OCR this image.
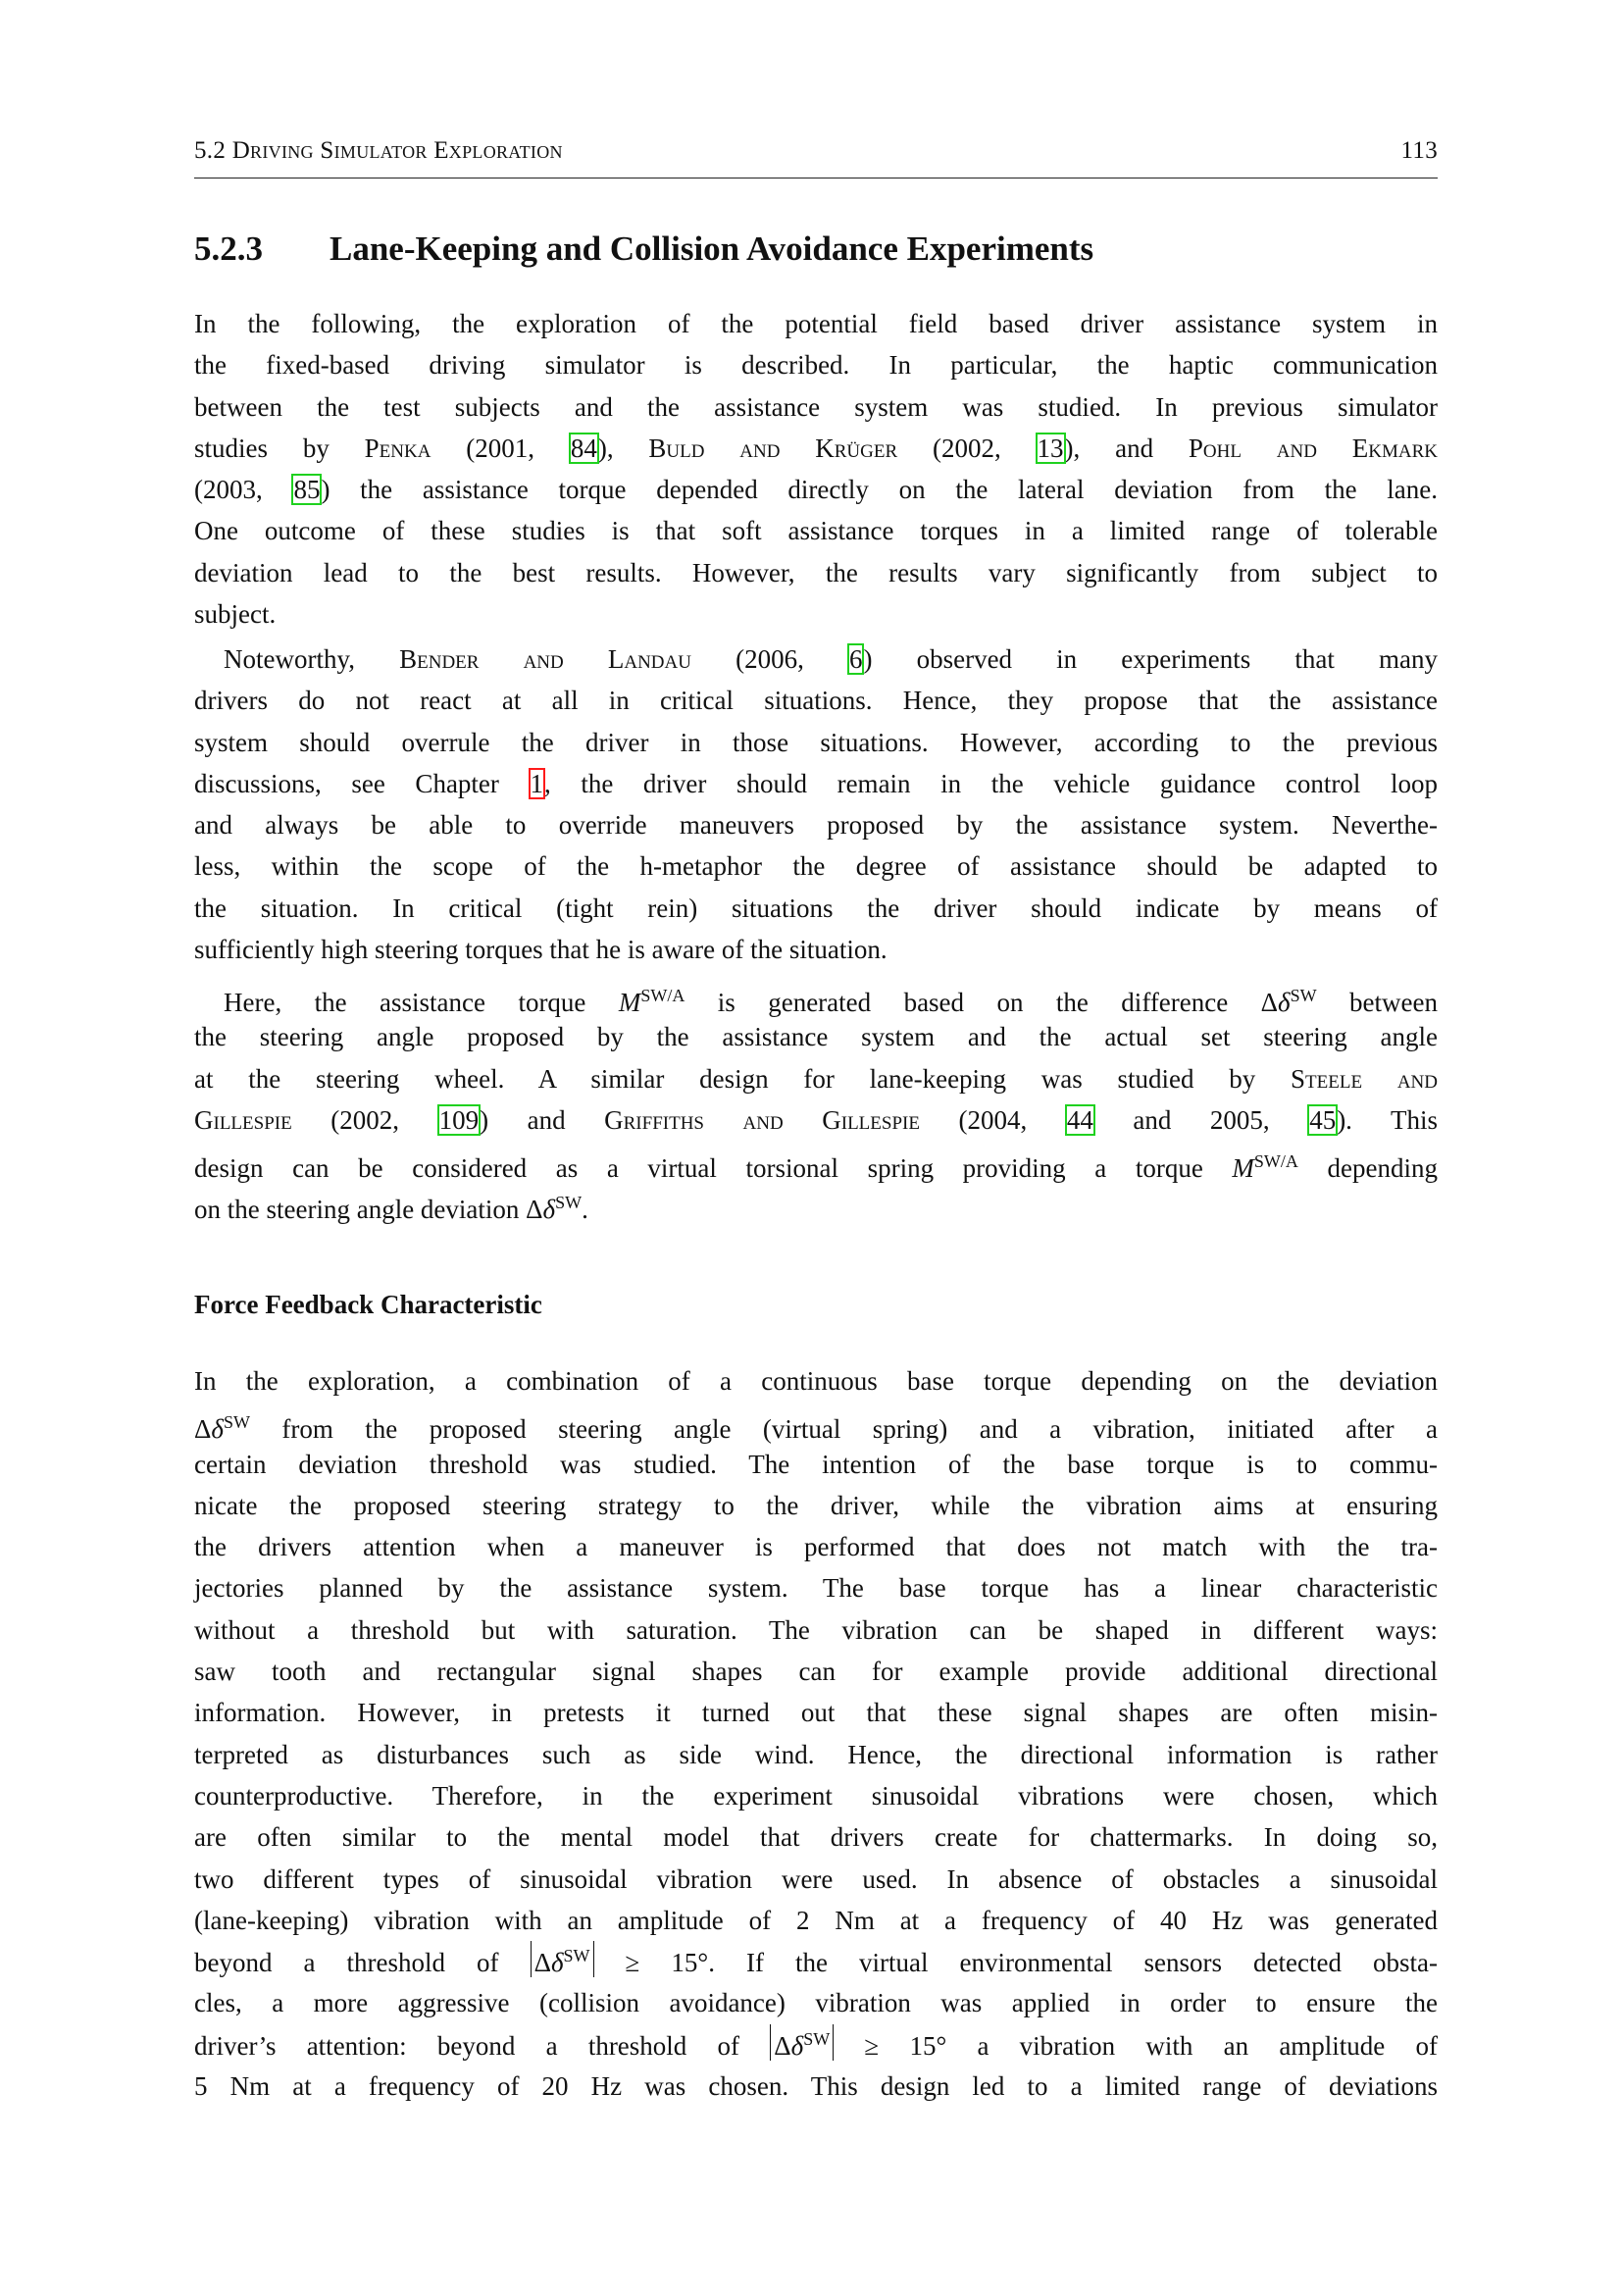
5.2 Driving Simulator Exploration	113
5.2.3 Lane-Keeping and Collision Avoidance Experiments
In the following, the exploration of the potential field based driver assistance system in
the fixed-based driving simulator is described. In particular, the haptic communication
between the test subjects and the assistance system was studied. In previous simulator
studies by Penka (2001, 84), Buld and Krüger (2002, 13), and Pohl and Ekmark
(2003, 85) the assistance torque depended directly on the lateral deviation from the lane.
One outcome of these studies is that soft assistance torques in a limited range of tolerable
deviation lead to the best results. However, the results vary significantly from subject to
subject.
Noteworthy, Bender and Landau (2006, 6) observed in experiments that many
drivers do not react at all in critical situations. Hence, they propose that the assistance
system should overrule the driver in those situations. However, according to the previous
discussions, see Chapter 1, the driver should remain in the vehicle guidance control loop
and always be able to override maneuvers proposed by the assistance system. Neverthe-
less, within the scope of the h-metaphor the degree of assistance should be adapted to
the situation. In critical (tight rein) situations the driver should indicate by means of
sufficiently high steering torques that he is aware of the situation.
Here, the assistance torque $M^{SW/A}$ is generated based on the difference $\Delta\delta^{SW}$ between
the steering angle proposed by the assistance system and the actual set steering angle
at the steering wheel. A similar design for lane-keeping was studied by Steele and
Gillespie (2002, 109) and Griffiths and Gillespie (2004, 44 and 2005, 45). This
design can be considered as a virtual torsional spring providing a torque $M^{SW/A}$ depending
on the steering angle deviation $\Delta\delta^{SW}$.
Force Feedback Characteristic
In the exploration, a combination of a continuous base torque depending on the deviation
$\Delta\delta^{SW}$ from the proposed steering angle (virtual spring) and a vibration, initiated after a
certain deviation threshold was studied. The intention of the base torque is to commu-
nicate the proposed steering strategy to the driver, while the vibration aims at ensuring
the drivers attention when a maneuver is performed that does not match with the tra-
jectories planned by the assistance system. The base torque has a linear characteristic
without a threshold but with saturation. The vibration can be shaped in different ways:
saw tooth and rectangular signal shapes can for example provide additional directional
information. However, in pretests it turned out that these signal shapes are often misin-
terpreted as disturbances such as side wind. Hence, the directional information is rather
counterproductive. Therefore, in the experiment sinusoidal vibrations were chosen, which
are often similar to the mental model that drivers create for chattermarks. In doing so,
two different types of sinusoidal vibration were used. In absence of obstacles a sinusoidal
(lane-keeping) vibration with an amplitude of 2 Nm at a frequency of 40 Hz was generated
beyond a threshold of $\Delta\delta^{SW} \ge 15^\circ$. If the virtual environmental sensors detected obsta-
cles, a more aggressive (collision avoidance) vibration was applied in order to ensure the
driver’s attention: beyond a threshold of $\Delta\delta^{SW} \ge 15^\circ$ a vibration with an amplitude of
5 Nm at a frequency of 20 Hz was chosen. This design led to a limited range of deviations
